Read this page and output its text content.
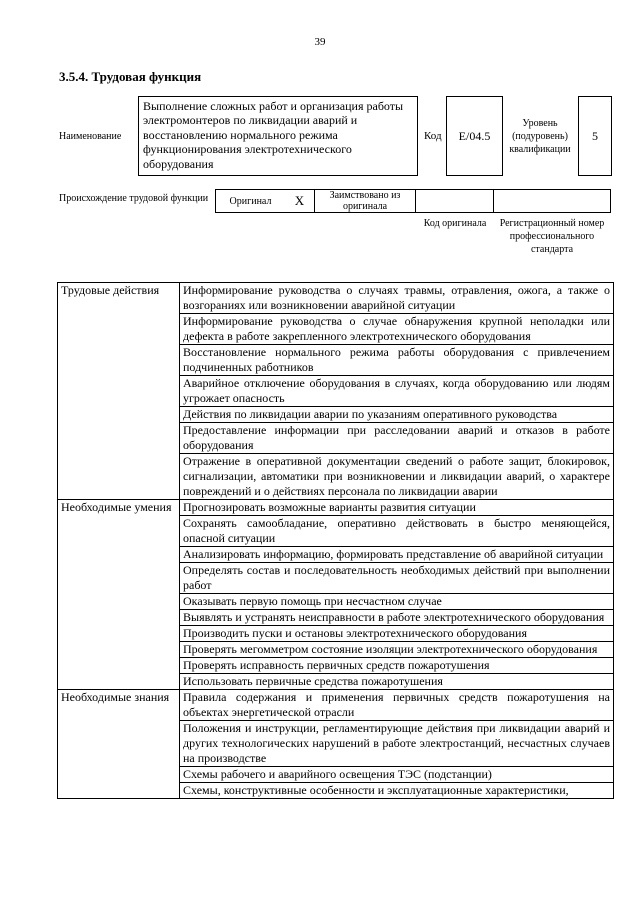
39
3.5.4. Трудовая функция
Наименование
Выполнение сложных работ и организация работы электромонтеров по ликвидации аварий и восстановлению нормального режима функционирования электротехнического оборудования
Код	E/04.5
Уровень (подуровень) квалификации
5
Происхождение трудовой функции	Оригинал	X	Заимствовано из оригинала
Код оригинала	Регистрационный номер профессионального стандарта
Трудовые действия	Информирование руководства о случаях травмы, отравления, ожога, а также о возгораниях или возникновении аварийной ситуации
	Информирование руководства о случае обнаружения крупной неполадки или дефекта в работе закрепленного электротехнического оборудования
	Восстановление нормального режима работы оборудования с привлечением подчиненных работников
	Аварийное отключение оборудования в случаях, когда оборудованию или людям угрожает опасность
	Действия по ликвидации аварии по указаниям оперативного руководства
	Предоставление информации при расследовании аварий и отказов в работе оборудования
	Отражение в оперативной документации сведений о работе защит, блокировок, сигнализации, автоматики при возникновении и ликвидации аварий, о характере повреждений и о действиях персонала по ликвидации аварии
Необходимые умения	Прогнозировать возможные варианты развития ситуации
	Сохранять самообладание, оперативно действовать в быстро меняющейся, опасной ситуации
	Анализировать информацию, формировать представление об аварийной ситуации
	Определять состав и последовательность необходимых действий при выполнении работ
	Оказывать первую помощь при несчастном случае
	Выявлять и устранять неисправности в работе электротехнического оборудования
	Производить пуски и остановы электротехнического оборудования
	Проверять мегомметром состояние изоляции электротехнического оборудования
	Проверять исправность первичных средств пожаротушения
	Использовать первичные средства пожаротушения
Необходимые знания	Правила содержания и применения первичных средств пожаротушения на объектах энергетической отрасли
	Положения и инструкции, регламентирующие действия при ликвидации аварий и других технологических нарушений в работе электростанций, несчастных случаев на производстве
	Схемы рабочего и аварийного освещения ТЭС (подстанции)
	Схемы, конструктивные особенности и эксплуатационные характеристики,
